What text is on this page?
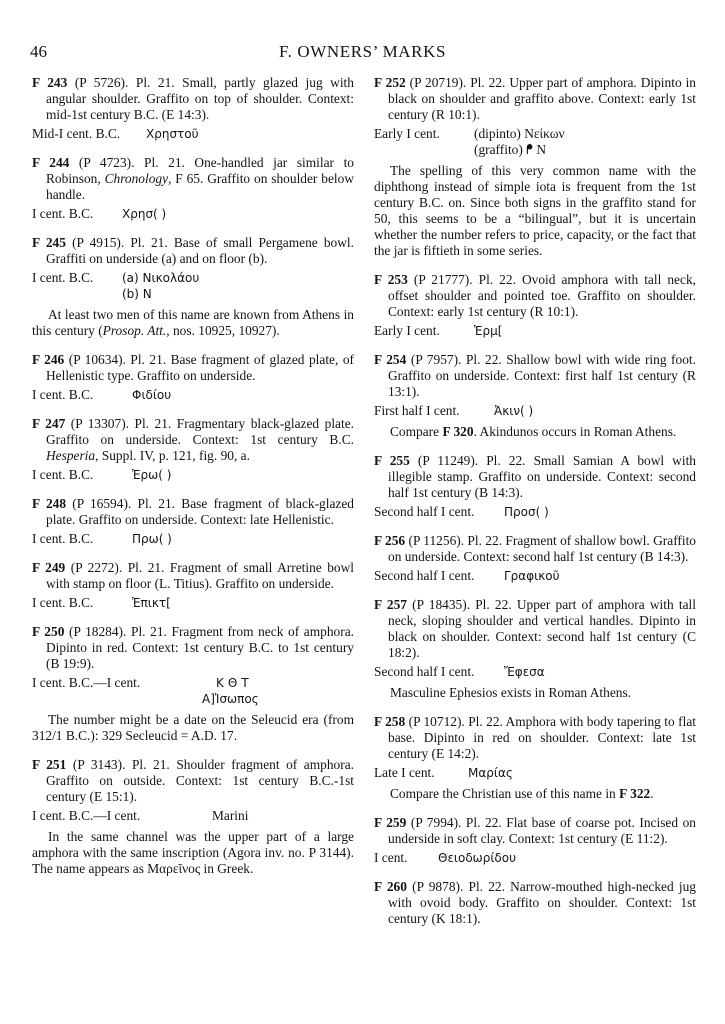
46	F. OWNERS’ MARKS
F 243 (P 5726). Pl. 21. Small, partly glazed jug with angular shoulder. Graffito on top of shoulder. Context: mid-1st century B.C. (E 14:3).
Mid-I cent. B.C. Χρηστοῦ
F 244 (P 4723). Pl. 21. One-handled jar similar to Robinson, Chronology, F 65. Graffito on shoulder below handle.
I cent. B.C. Χρησ( )
F 245 (P 4915). Pl. 21. Base of small Pergamene bowl. Graffiti on underside (a) and on floor (b).
I cent. B.C. (a) Νικολάου
(b) Ν
At least two men of this name are known from Athens in this century (Prosop. Att., nos. 10925, 10927).
F 246 (P 10634). Pl. 21. Base fragment of glazed plate, of Hellenistic type. Graffito on underside.
I cent. B.C.	Φιδίου
F 247 (P 13307). Pl. 21. Fragmentary black-glazed plate. Graffito on underside. Context: 1st century B.C. Hesperia, Suppl. IV, p. 121, fig. 90, a.
I cent. B.C.	Ἐρω( )
F 248 (P 16594). Pl. 21. Base fragment of black-glazed plate. Graffito on underside. Context: late Hellenistic.
I cent. B.C.	Πρω( )
F 249 (P 2272). Pl. 21. Fragment of small Arretine bowl with stamp on floor (L. Titius). Graffito on underside.
I cent. B.C.	Ἐπικτ[
F 250 (P 18284). Pl. 21. Fragment from neck of amphora. Dipinto in red. Context: 1st century B.C. to 1st century (B 19:9).
I cent. B.C.—I cent.	ΚΘΤ
Α]Ἰσωπος
The number might be a date on the Seleucid era (from 312/1 B.C.): 329 Secleucid = A.D. 17.
F 251 (P 3143). Pl. 21. Shoulder fragment of amphora. Graffito on outside. Context: 1st century B.C.-1st century (E 15:1).
I cent. B.C.—I cent.	Marini
In the same channel was the upper part of a large amphora with the same inscription (Agora inv. no. P 3144). The name appears as Μαρεῖνος in Greek.
F 252 (P 20719). Pl. 22. Upper part of amphora. Dipinto in black on shoulder and graffito above. Context: early 1st century (R 10:1).
Early I cent.	(dipinto) Νείκων
(graffito) ᖰ Ν
The spelling of this very common name with the diphthong instead of simple iota is frequent from the 1st century B.C. on. Since both signs in the graffito stand for 50, this seems to be a “bilingual”, but it is uncertain whether the number refers to price, capacity, or the fact that the jar is fiftieth in some series.
F 253 (P 21777). Pl. 22. Ovoid amphora with tall neck, offset shoulder and pointed toe. Graffito on shoulder. Context: early 1st century (R 10:1).
Early I cent.	Ἑρμ[
F 254 (P 7957). Pl. 22. Shallow bowl with wide ring foot. Graffito on underside. Context: first half 1st century (R 13:1).
First half I cent.	Ἀκιν( )
Compare F 320. Akindunos occurs in Roman Athens.
F 255 (P 11249). Pl. 22. Small Samian A bowl with illegible stamp. Graffito on underside. Context: second half 1st century (B 14:3).
Second half I cent. Προσ( )
F 256 (P 11256). Pl. 22. Fragment of shallow bowl. Graffito on underside. Context: second half 1st century (B 14:3).
Second half I cent. Γραφικοῦ
F 257 (P 18435). Pl. 22. Upper part of amphora with tall neck, sloping shoulder and vertical handles. Dipinto in black on shoulder. Context: second half 1st century (C 18:2).
Second half I cent. Ἔφεσα
Masculine Ephesios exists in Roman Athens.
F 258 (P 10712). Pl. 22. Amphora with body tapering to flat base. Dipinto in red on shoulder. Context: late 1st century (E 14:2).
Late I cent.	Μαρίας
Compare the Christian use of this name in F 322.
F 259 (P 7994). Pl. 22. Flat base of coarse pot. Incised on underside in soft clay. Context: 1st century (E 11:2).
I cent.	Θειοδωρίδου
F 260 (P 9878). Pl. 22. Narrow-mouthed high-necked jug with ovoid body. Graffito on shoulder. Context: 1st century (K 18:1).
